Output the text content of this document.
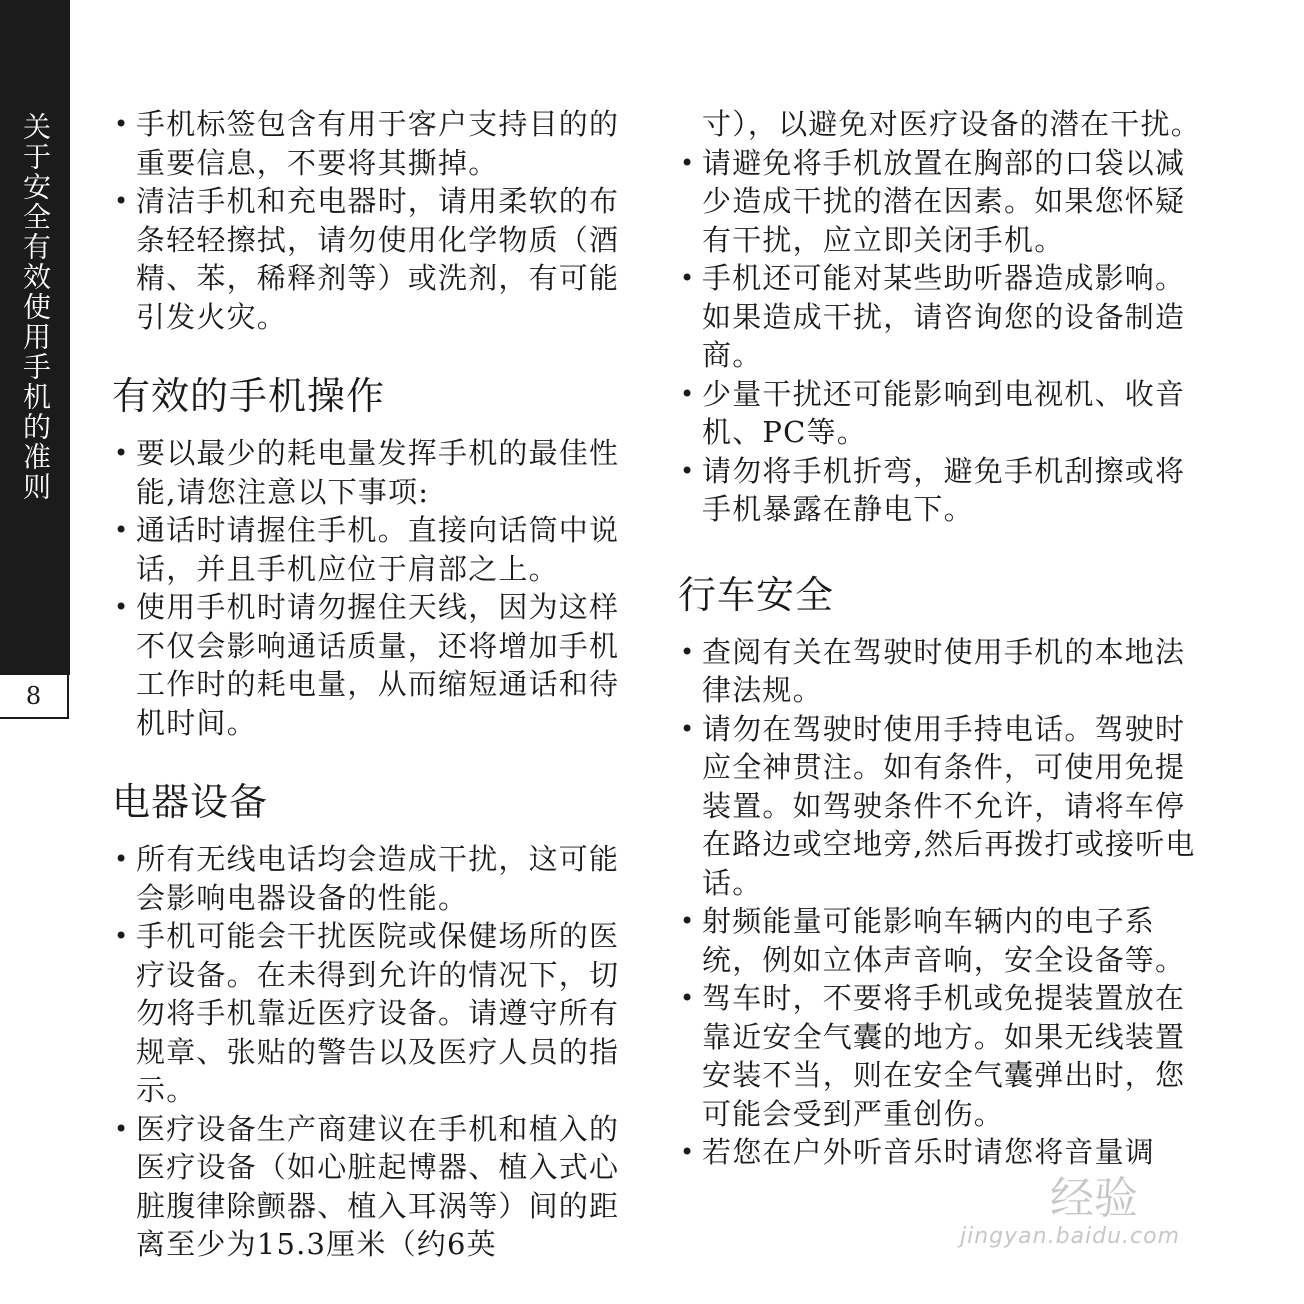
关于安全有效使用手机的准则
8
• 手机标签包含有用于客户支持目的的重要信息，不要将其撕掉。
• 清洁手机和充电器时，请用柔软的布条轻轻擦拭，请勿使用化学物质（酒精、苯，稀释剂等）或洗剂，有可能引发火灾。
有效的手机操作
• 要以最少的耗电量发挥手机的最佳性能,请您注意以下事项:
• 通话时请握住手机。直接向话筒中说话，并且手机应位于肩部之上。
• 使用手机时请勿握住天线，因为这样不仅会影响通话质量，还将增加手机工作时的耗电量，从而缩短通话和待机时间。
电器设备
• 所有无线电话均会造成干扰，这可能会影响电器设备的性能。
• 手机可能会干扰医院或保健场所的医疗设备。在未得到允许的情况下，切勿将手机靠近医疗设备。请遵守所有规章、张贴的警告以及医疗人员的指示。
• 医疗设备生产商建议在手机和植入的医疗设备（如心脏起博器、植入式心脏腹律除颤器、植入耳涡等）间的距离至少为15.3厘米（约6英
寸），以避免对医疗设备的潜在干扰。
• 请避免将手机放置在胸部的口袋以减少造成干扰的潜在因素。如果您怀疑有干扰，应立即关闭手机。
• 手机还可能对某些助听器造成影响。如果造成干扰，请咨询您的设备制造商。
• 少量干扰还可能影响到电视机、收音机、PC等。
• 请勿将手机折弯，避免手机刮擦或将手机暴露在静电下。
行车安全
• 查阅有关在驾驶时使用手机的本地法律法规。
• 请勿在驾驶时使用手持电话。驾驶时应全神贯注。如有条件，可使用免提装置。如驾驶条件不允许，请将车停在路边或空地旁,然后再拨打或接听电话。
• 射频能量可能影响车辆内的电子系统，例如立体声音响，安全设备等。
• 驾车时，不要将手机或免提装置放在靠近安全气囊的地方。如果无线装置安装不当，则在安全气囊弹出时，您可能会受到严重创伤。
• 若您在户外听音乐时请您将音量调
经验
jingyan.baidu.com
